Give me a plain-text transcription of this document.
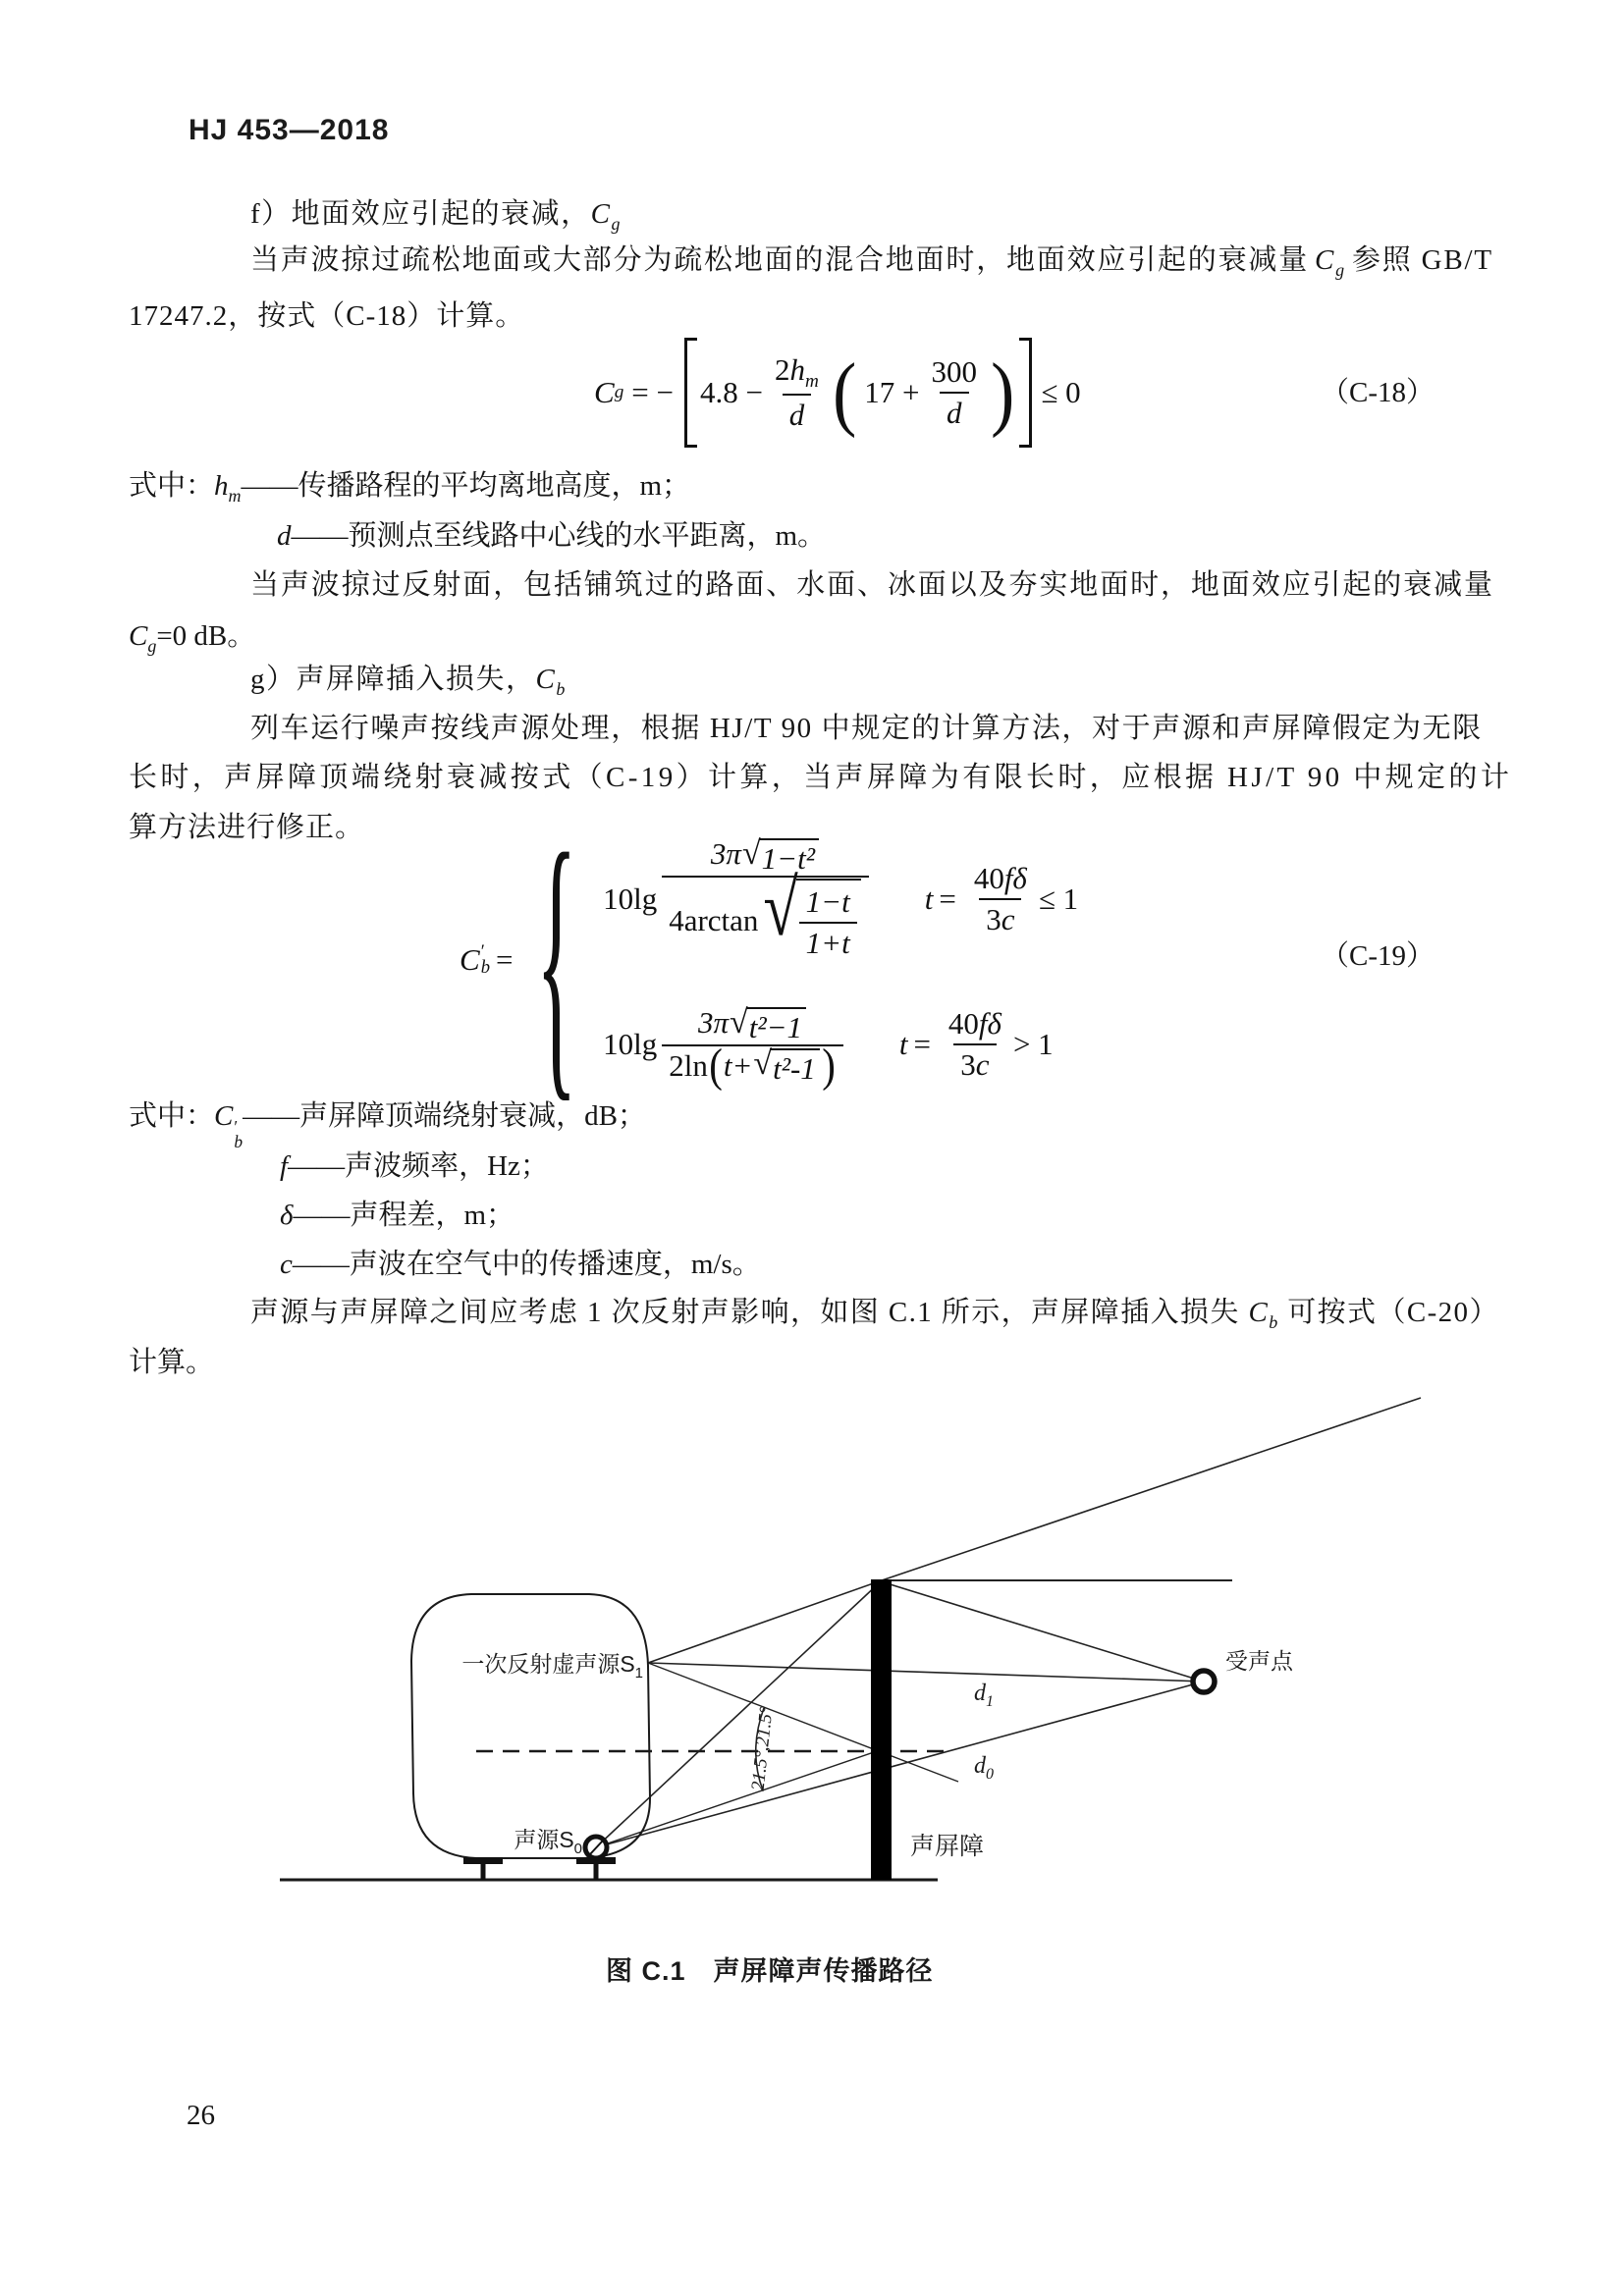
HJ 453—2018
f）地面效应引起的衰减，$C_g$
当声波掠过疏松地面或大部分为疏松地面的混合地面时，地面效应引起的衰减量 $C_g$ 参照 GB/T
17247.2，按式（C-18）计算。
C g = − $4.8 - \frac{2h_m}{d}$ ( $17 + \frac{300}{d}$ ) ≤ 0	（C-18）
式中：$h_m——$传播路程的平均离地高度，m；
d——预测点至线路中心线的水平距离，m。
当声波掠过反射面，包括铺筑过的路面、水面、冰面以及夯实地面时，地面效应引起的衰减量
$C_g=0$ dB。
g）声屏障插入损失，$C_b$
列车运行噪声按线声源处理，根据 HJ/T 90 中规定的计算方法，对于声源和声屏障假定为无限
长时，声屏障顶端绕射衰减按式（C-19）计算，当声屏障为有限长时，应根据 HJ/T 90 中规定的计
算方法进行修正。
C ′
b = { $10\lg \frac{\text{3π √ 1−t²}}{4\arctan √ \frac{1-t}{1+t}}$ $t = \frac{40f\delta}{3c} \le 1$
$10\lg \frac{\text{3π √ t²−1}}{\text{2ln ( t+ √ t²-1 )}}$ $t = \frac{40f\delta}{3c} > 1$
（C-19）
式中：C ′
b
——声屏障顶端绕射衰减，dB；
f——声波频率，Hz；
δ——声程差，m；
c——声波在空气中的传播速度，m/s。
声源与声屏障之间应考虑 1 次反射声影响，如图 C.1 所示，声屏障插入损失 $C_b$ 可按式（C-20）
计算。
一次反射虚声源$S_1$
声源$S_0$
受声点
声屏障
$d_1$
$d_0$
21.5°,21.5°
图 C.1　声屏障声传播路径
26
